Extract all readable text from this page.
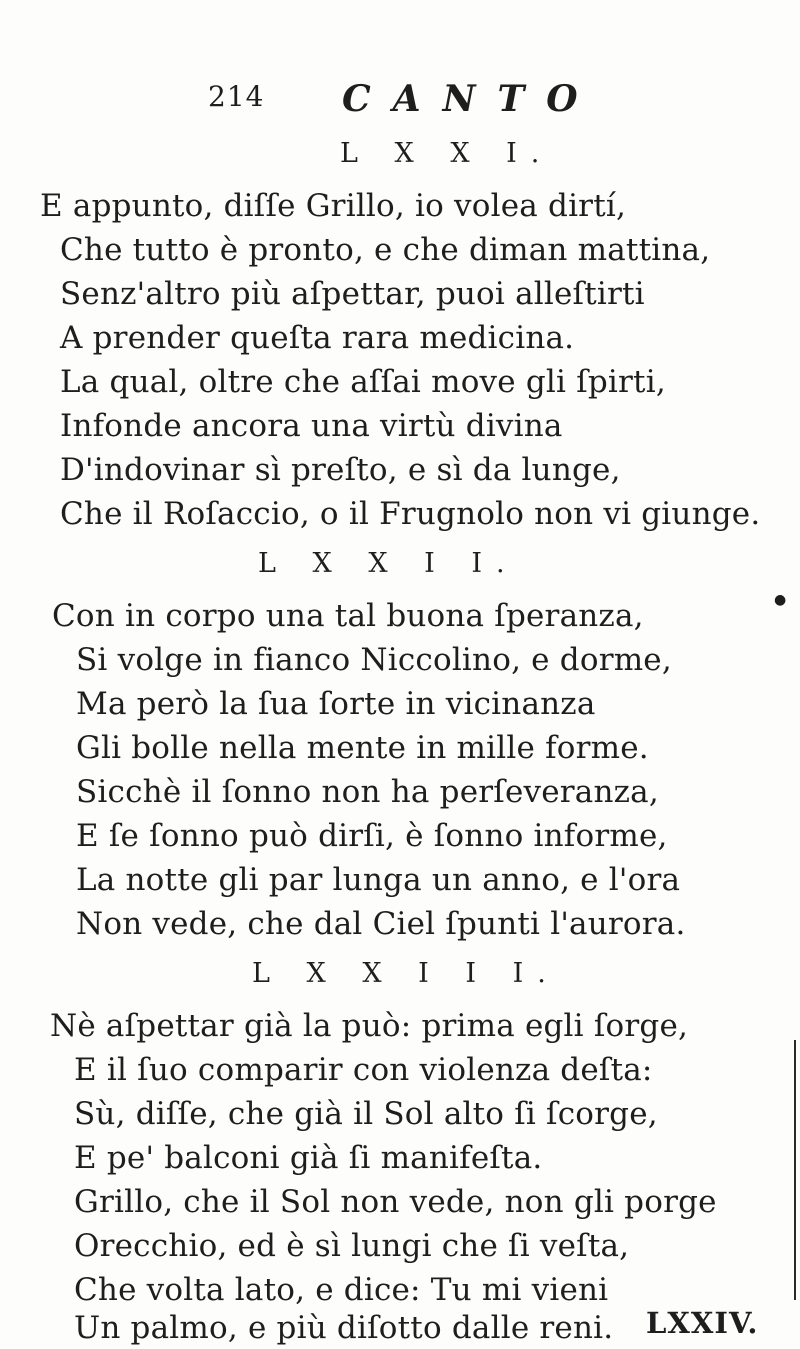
214 CANTO
L X X I.
E appunto, diſſe Grillo, io volea dirtí,
Che tutto è pronto, e che diman mattina,
Senz'altro più aſpettar, puoi alleſtirti
A prender queſta rara medicina.
La qual, oltre che aſſai move gli ſpirti,
Infonde ancora una virtù divina
D'indovinar sì preſto, e sì da lunge,
Che il Roſaccio, o il Frugnolo non vi giunge.
●
L X X I I.
Con in corpo una tal buona ſperanza,
Si volge in fianco Niccolino, e dorme,
Ma però la ſua ſorte in vicinanza
Gli bolle nella mente in mille forme.
Sicchè il ſonno non ha perſeveranza,
E ſe ſonno può dirſi, è ſonno informe,
La notte gli par lunga un anno, e l'ora
Non vede, che dal Ciel ſpunti l'aurora.
L X X I I I.
Nè aſpettar già la può: prima egli ſorge,
E il ſuo comparir con violenza deſta:
Sù, diſſe, che già il Sol alto ſi ſcorge,
E pe' balconi già ſi manifeſta.
Grillo, che il Sol non vede, non gli porge
Orecchio, ed è sì lungi che ſi veſta,
Che volta lato, e dice: Tu mi vieni
Un palmo, e più diſotto dalle reni. LXXIV.
